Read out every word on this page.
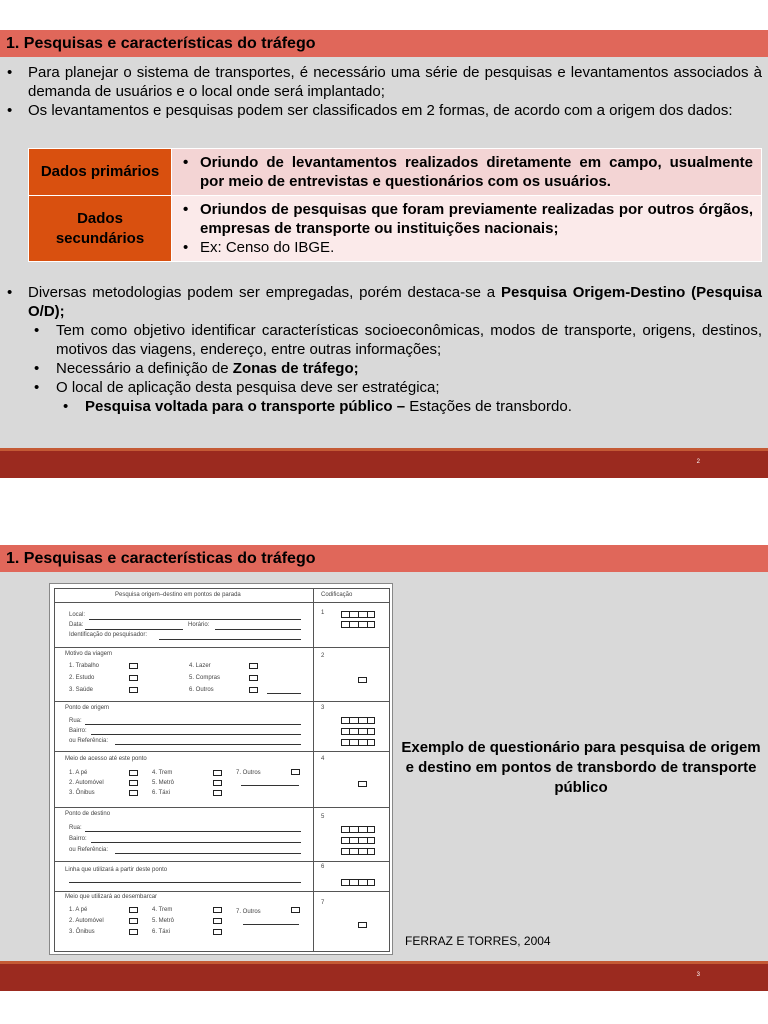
1. Pesquisas e características do tráfego
• Para planejar o sistema de transportes, é necessário uma série de pesquisas e levantamentos associados à demanda de usuários e o local onde será implantado;
• Os levantamentos e pesquisas podem ser classificados em 2 formas, de acordo com a origem dos dados:
Dados primários	• Oriundo de levantamentos realizados diretamente em campo, usualmente por meio de entrevistas e questionários com os usuários.

Dados secundários	• Oriundos de pesquisas que foram previamente realizadas por outros órgãos, empresas de transporte ou instituições nacionais;
• Ex: Censo do IBGE.
• Diversas metodologias podem ser empregadas, porém destaca-se a Pesquisa Origem-Destino (Pesquisa O/D);
• Tem como objetivo identificar características socioeconômicas, modos de transporte, origens, destinos, motivos das viagens, endereço, entre outras informações;
• Necessário a definição de Zonas de tráfego;
• O local de aplicação desta pesquisa deve ser estratégica;
• Pesquisa voltada para o transporte público – Estações de transbordo.
2
1. Pesquisas e características do tráfego
Pesquisa origem–destino em pontos de parada	Codificação
Local:
Data:	Horário:
Identificação do pesquisador:
1
Motivo da viagem
1. Trabalho
2. Estudo
3. Saúde
4. Lazer
5. Compras
6. Outros
2
Ponto de origem
Rua:
Bairro:
ou Referência:
3
Meio de acesso até este ponto
1. A pé
2. Automóvel
3. Ônibus
4. Trem
5. Metrô
6. Táxi
7. Outros
4
Ponto de destino
Rua:
Bairro:
ou Referência:
5
Linha que utilizará a partir deste ponto	6
Meio que utilizará ao desembarcar
1. A pé
2. Automóvel
3. Ônibus
4. Trem
5. Metrô
6. Táxi
7. Outros
7
Exemplo de questionário para pesquisa de origem e destino em pontos de transbordo de transporte público
FERRAZ E TORRES, 2004
3
